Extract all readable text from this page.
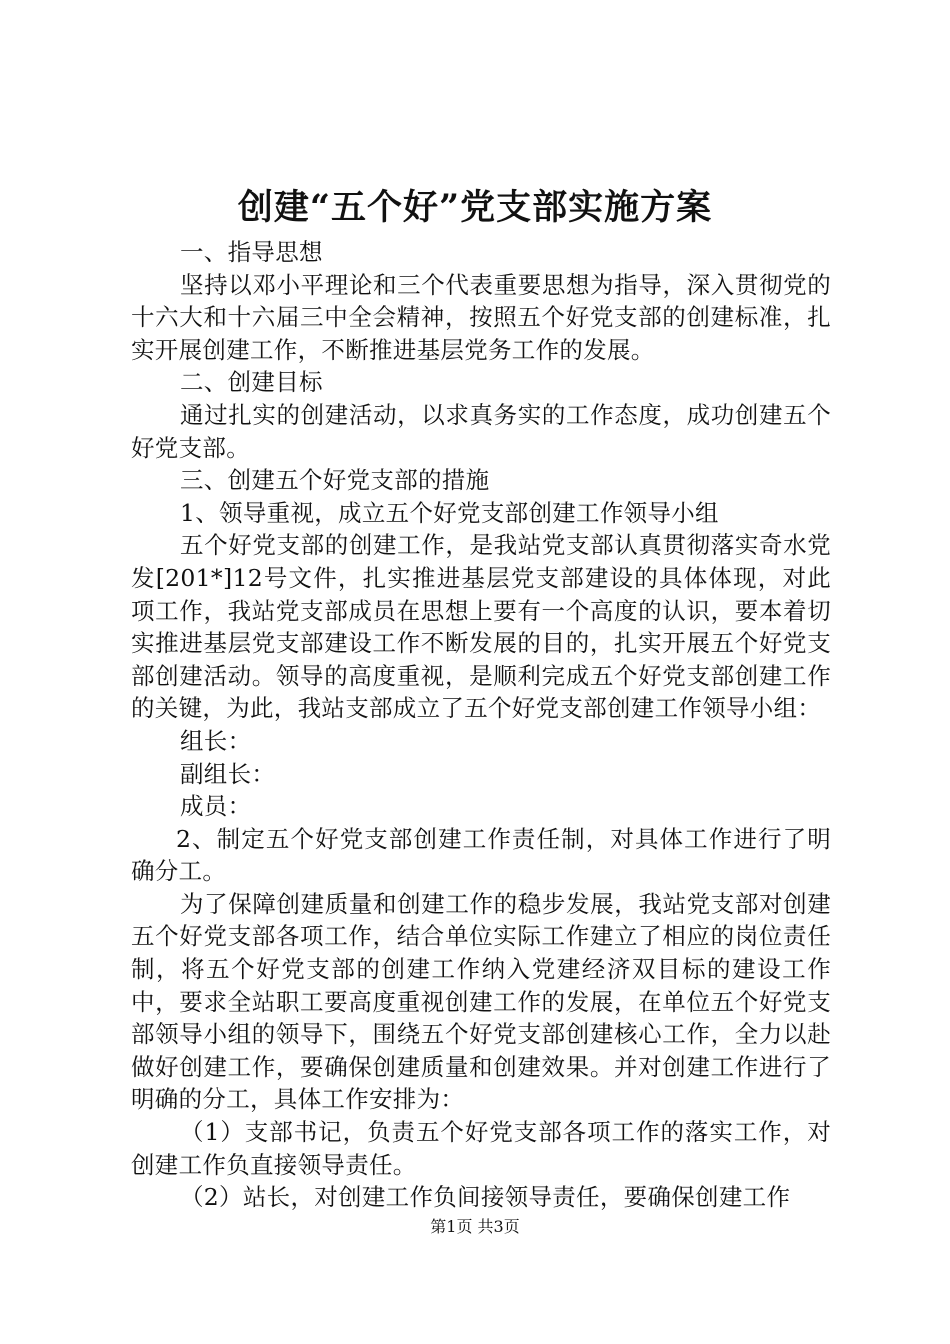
创建“五个好”党支部实施方案

一、指导思想

坚持以邓小平理论和三个代表重要思想为指导，深入贯彻党的十六大和十六届三中全会精神，按照五个好党支部的创建标准，扎实开展创建工作，不断推进基层党务工作的发展。

二、创建目标

通过扎实的创建活动，以求真务实的工作态度，成功创建五个好党支部。

三、创建五个好党支部的措施

1、领导重视，成立五个好党支部创建工作领导小组

五个好党支部的创建工作，是我站党支部认真贯彻落实奇水党发[201*]12号文件，扎实推进基层党支部建设的具体体现，对此项工作，我站党支部成员在思想上要有一个高度的认识，要本着切实推进基层党支部建设工作不断发展的目的，扎实开展五个好党支部创建活动。领导的高度重视，是顺利完成五个好党支部创建工作的关键，为此，我站支部成立了五个好党支部创建工作领导小组：

组长：

副组长：

成员：

2、制定五个好党支部创建工作责任制，对具体工作进行了明确分工。

为了保障创建质量和创建工作的稳步发展，我站党支部对创建五个好党支部各项工作，结合单位实际工作建立了相应的岗位责任制，将五个好党支部的创建工作纳入党建经济双目标的建设工作中，要求全站职工要高度重视创建工作的发展，在单位五个好党支部领导小组的领导下，围绕五个好党支部创建核心工作，全力以赴做好创建工作，要确保创建质量和创建效果。并对创建工作进行了明确的分工，具体工作安排为：

（1）支部书记，负责五个好党支部各项工作的落实工作，对创建工作负直接领导责任。

（2）站长，对创建工作负间接领导责任，要确保创建工作

第1页 共3页
